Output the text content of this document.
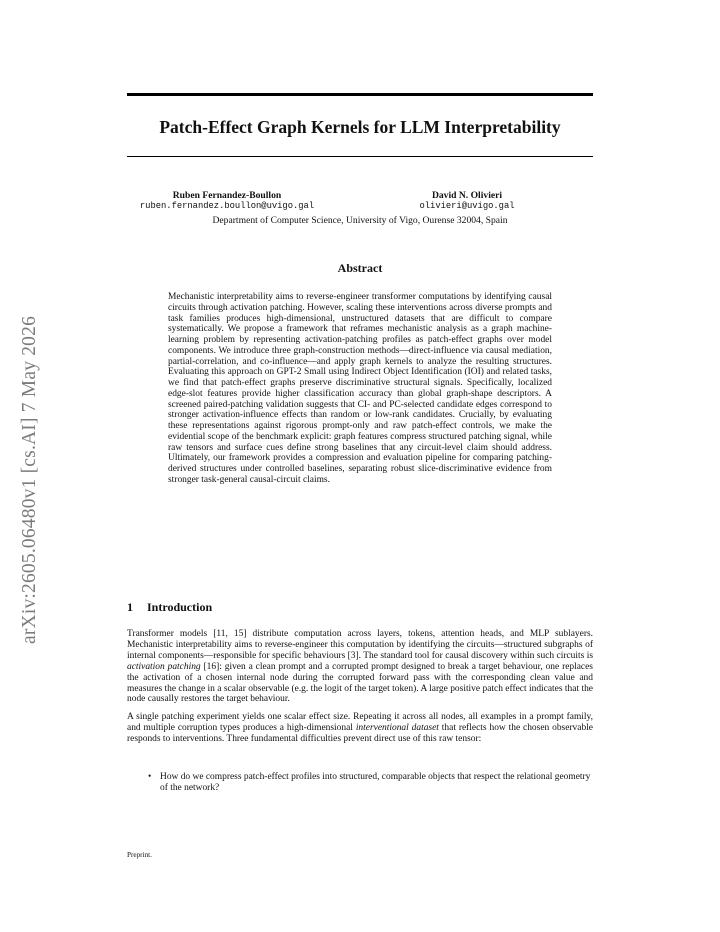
arXiv:2605.06480v1 [cs.AI] 7 May 2026
Patch-Effect Graph Kernels for LLM Interpretability
Ruben Fernandez-Boullon
ruben.fernandez.boullon@uvigo.gal
David N. Olivieri
olivieri@uvigo.gal
Department of Computer Science, University of Vigo, Ourense 32004, Spain
Abstract

Mechanistic interpretability aims to reverse-engineer transformer computations by identifying causal circuits through activation patching. However, scaling these interventions across diverse prompts and task families produces high-dimensional, unstructured datasets that are difficult to compare systematically. We propose a framework that reframes mechanistic analysis as a graph machine-learning problem by representing activation-patching profiles as patch-effect graphs over model components. We introduce three graph-construction methods—direct-influence via causal mediation, partial-correlation, and co-influence—and apply graph kernels to analyze the resulting structures. Evaluating this approach on GPT-2 Small using Indirect Object Identification (IOI) and related tasks, we find that patch-effect graphs preserve discriminative structural signals. Specifically, localized edge-slot features provide higher classification accuracy than global graph-shape descriptors. A screened paired-patching validation suggests that CI- and PC-selected candidate edges correspond to stronger activation-influence effects than random or low-rank candidates. Crucially, by evaluating these representations against rigorous prompt-only and raw patch-effect controls, we make the evidential scope of the benchmark explicit: graph features compress structured patching signal, while raw tensors and surface cues define strong baselines that any circuit-level claim should address. Ultimately, our framework provides a compression and evaluation pipeline for comparing patching-derived structures under controlled baselines, separating robust slice-discriminative evidence from stronger task-general causal-circuit claims.

1 Introduction

Transformer models [11, 15] distribute computation across layers, tokens, attention heads, and MLP sublayers. Mechanistic interpretability aims to reverse-engineer this computation by identifying the circuits—structured subgraphs of internal components—responsible for specific behaviours [3]. The standard tool for causal discovery within such circuits is activation patching [16]: given a clean prompt and a corrupted prompt designed to break a target behaviour, one replaces the activation of a chosen internal node during the corrupted forward pass with the corresponding clean value and measures the change in a scalar observable (e.g. the logit of the target token). A large positive patch effect indicates that the node causally restores the target behaviour.

A single patching experiment yields one scalar effect size. Repeating it across all nodes, all examples in a prompt family, and multiple corruption types produces a high-dimensional interventional dataset that reflects how the chosen observable responds to interventions. Three fundamental difficulties prevent direct use of this raw tensor:

• How do we compress patch-effect profiles into structured, comparable objects that respect the relational geometry of the network?
Preprint.
